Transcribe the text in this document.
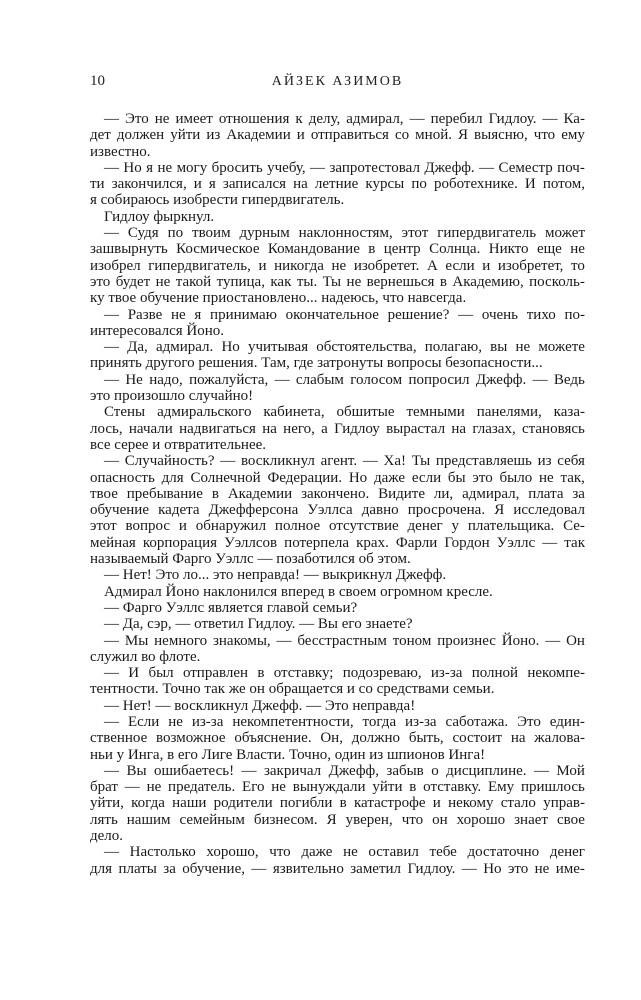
10	АЙЗЕК АЗИМОВ
— Это не имеет отношения к делу, адмирал, — перебил Гидлоу. — Ка-
дет должен уйти из Академии и отправиться со мной. Я выясню, что ему
известно.
— Но я не могу бросить учебу, — запротестовал Джефф. — Семестр поч-
ти закончился, и я записался на летние курсы по роботехнике. И потом,
я собираюсь изобрести гипердвигатель.
Гидлоу фыркнул.
— Судя по твоим дурным наклонностям, этот гипердвигатель может
зашвырнуть Космическое Командование в центр Солнца. Никто еще не
изобрел гипердвигатель, и никогда не изобретет. А если и изобретет, то
это будет не такой тупица, как ты. Ты не вернешься в Академию, посколь-
ку твое обучение приостановлено... надеюсь, что навсегда.
— Разве не я принимаю окончательное решение? — очень тихо по-
интересовался Йоно.
— Да, адмирал. Но учитывая обстоятельства, полагаю, вы не можете
принять другого решения. Там, где затронуты вопросы безопасности...
— Не надо, пожалуйста, — слабым голосом попросил Джефф. — Ведь
это произошло случайно!
Стены адмиральского кабинета, обшитые темными панелями, каза-
лось, начали надвигаться на него, а Гидлоу вырастал на глазах, становясь
все серее и отвратительнее.
— Случайность? — воскликнул агент. — Ха! Ты представляешь из себя
опасность для Солнечной Федерации. Но даже если бы это было не так,
твое пребывание в Академии закончено. Видите ли, адмирал, плата за
обучение кадета Джефферсона Уэллса давно просрочена. Я исследовал
этот вопрос и обнаружил полное отсутствие денег у плательщика. Се-
мейная корпорация Уэллсов потерпела крах. Фарли Гордон Уэллс — так
называемый Фарго Уэллс — позаботился об этом.
— Нет! Это ло... это неправда! — выкрикнул Джефф.
Адмирал Йоно наклонился вперед в своем огромном кресле.
— Фарго Уэллс является главой семьи?
— Да, сэр, — ответил Гидлоу. — Вы его знаете?
— Мы немного знакомы, — бесстрастным тоном произнес Йоно. — Он
служил во флоте.
— И был отправлен в отставку; подозреваю, из-за полной некомпе-
тентности. Точно так же он обращается и со средствами семьи.
— Нет! — воскликнул Джефф. — Это неправда!
— Если не из-за некомпетентности, тогда из-за саботажа. Это един-
ственное возможное объяснение. Он, должно быть, состоит на жалова-
ньи у Инга, в его Лиге Власти. Точно, один из шпионов Инга!
— Вы ошибаетесь! — закричал Джефф, забыв о дисциплине. — Мой
брат — не предатель. Его не вынуждали уйти в отставку. Ему пришлось
уйти, когда наши родители погибли в катастрофе и некому стало управ-
лять нашим семейным бизнесом. Я уверен, что он хорошо знает свое
дело.
— Настолько хорошо, что даже не оставил тебе достаточно денег
для платы за обучение, — язвительно заметил Гидлоу. — Но это не име-
